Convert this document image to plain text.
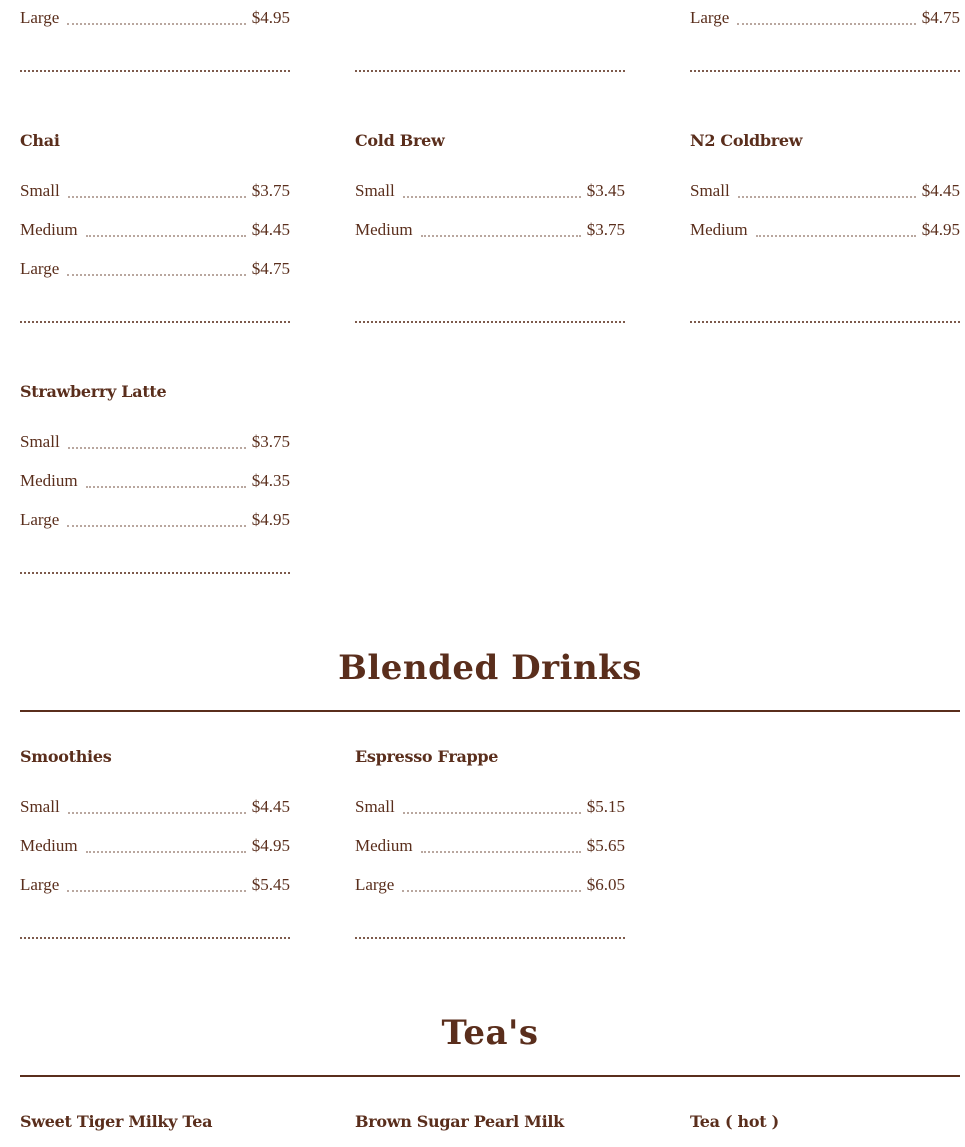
Large	$4.95	Large	$4.75
Chai
Small	$3.75
Medium	$4.45
Large	$4.75
Cold Brew
Small	$3.45
Medium	$3.75
N2 Coldbrew
Small	$4.45
Medium	$4.95
Strawberry Latte
Small	$3.75
Medium	$4.35
Large	$4.95
Blended Drinks
Smoothies
Small	$4.45
Medium	$4.95
Large	$5.45
Espresso Frappe
Small	$5.15
Medium	$5.65
Large	$6.05
Tea's
Sweet Tiger Milky Tea	Brown Sugar Pearl Milk	Tea ( hot )
